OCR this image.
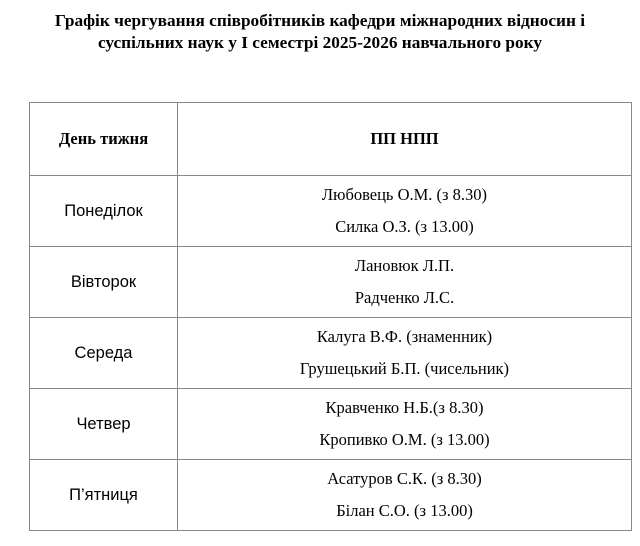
Графік чергування співробітників кафедри міжнародних відносин і
суспільних наук у І семестрі 2025-2026 навчального року
День тижня	ПП НПП
Понеділок	Любовець О.М. (з 8.30)
Силка О.З. (з 13.00)

Вівторок	Лановюк Л.П.
Радченко Л.С.

Середа	Калуга В.Ф. (знаменник)
Грушецький Б.П. (чисельник)

Четвер	Кравченко Н.Б.(з 8.30)
Кропивко О.М. (з 13.00)

П’ятниця	Асатуров С.К. (з 8.30)
Білан С.О. (з 13.00)
